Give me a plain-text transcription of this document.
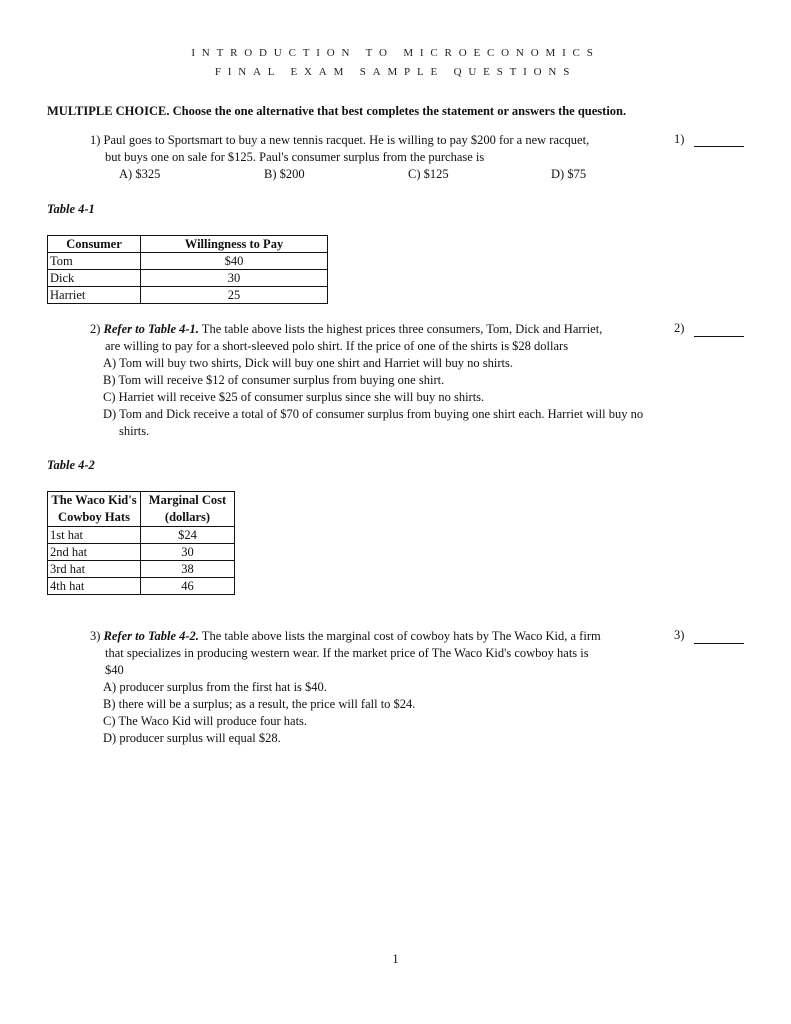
INTRODUCTION TO MICROECONOMICS
FINAL EXAM SAMPLE QUESTIONS
MULTIPLE CHOICE. Choose the one alternative that best completes the statement or answers the question.
1) Paul goes to Sportsmart to buy a new tennis racquet. He is willing to pay $200 for a new racquet,
but buys one on sale for $125. Paul's consumer surplus from the purchase is
A) $325	B) $200	C) $125	D) $75
1)
Table 4-1
Consumer	Willingness to Pay
Tom	$40
Dick	30
Harriet	25
2) Refer to Table 4-1. The table above lists the highest prices three consumers, Tom, Dick and Harriet,
are willing to pay for a short-sleeved polo shirt. If the price of one of the shirts is $28 dollars
A) Tom will buy two shirts, Dick will buy one shirt and Harriet will buy no shirts.
B) Tom will receive $12 of consumer surplus from buying one shirt.
C) Harriet will receive $25 of consumer surplus since she will buy no shirts.
D) Tom and Dick receive a total of $70 of consumer surplus from buying one shirt each. Harriet will buy no shirts.
2)
Table 4-2
The Waco Kid's Cowboy Hats	Marginal Cost (dollars)
1st hat	$24
2nd hat	30
3rd hat	38
4th hat	46
3) Refer to Table 4-2. The table above lists the marginal cost of cowboy hats by The Waco Kid, a firm
that specializes in producing western wear. If the market price of The Waco Kid's cowboy hats is
$40
A) producer surplus from the first hat is $40.
B) there will be a surplus; as a result, the price will fall to $24.
C) The Waco Kid will produce four hats.
D) producer surplus will equal $28.
3)
1
